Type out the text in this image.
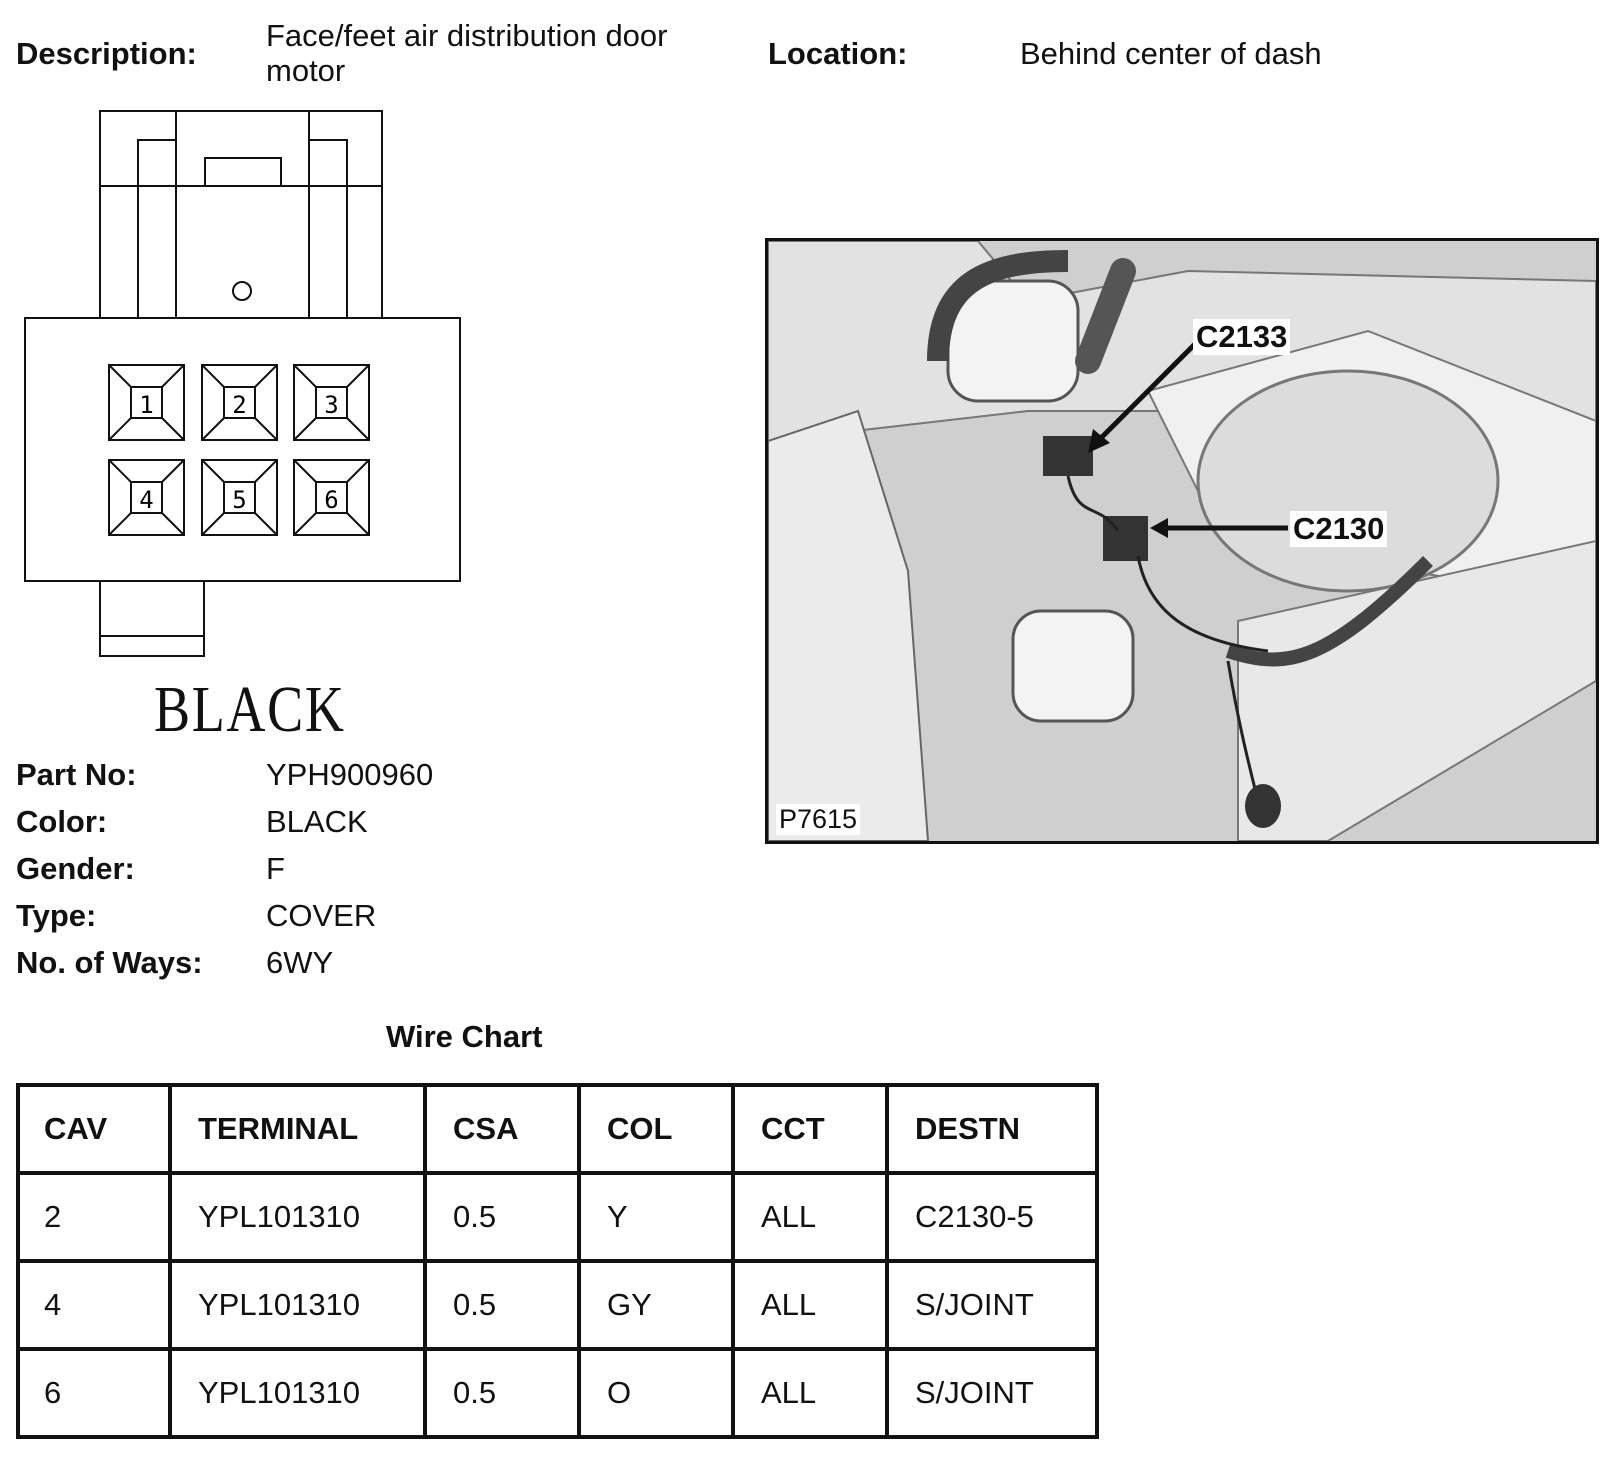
Description:
Face/feet air distribution door
motor	Location:	Behind center of dash
1	2	3
4	5	6
BLACK
Part No:	YPH900960
Color:	BLACK
Gender:	F
Type:	COVER
No. of Ways: 6WY
C2133
C2130
P7615
Wire Chart
CAV	TERMINAL	CSA	COL	CCT	DESTN
2	YPL101310	0.5	Y	ALL	C2130-5
4	YPL101310	0.5	GY	ALL	S/JOINT
6	YPL101310	0.5	O	ALL	S/JOINT
